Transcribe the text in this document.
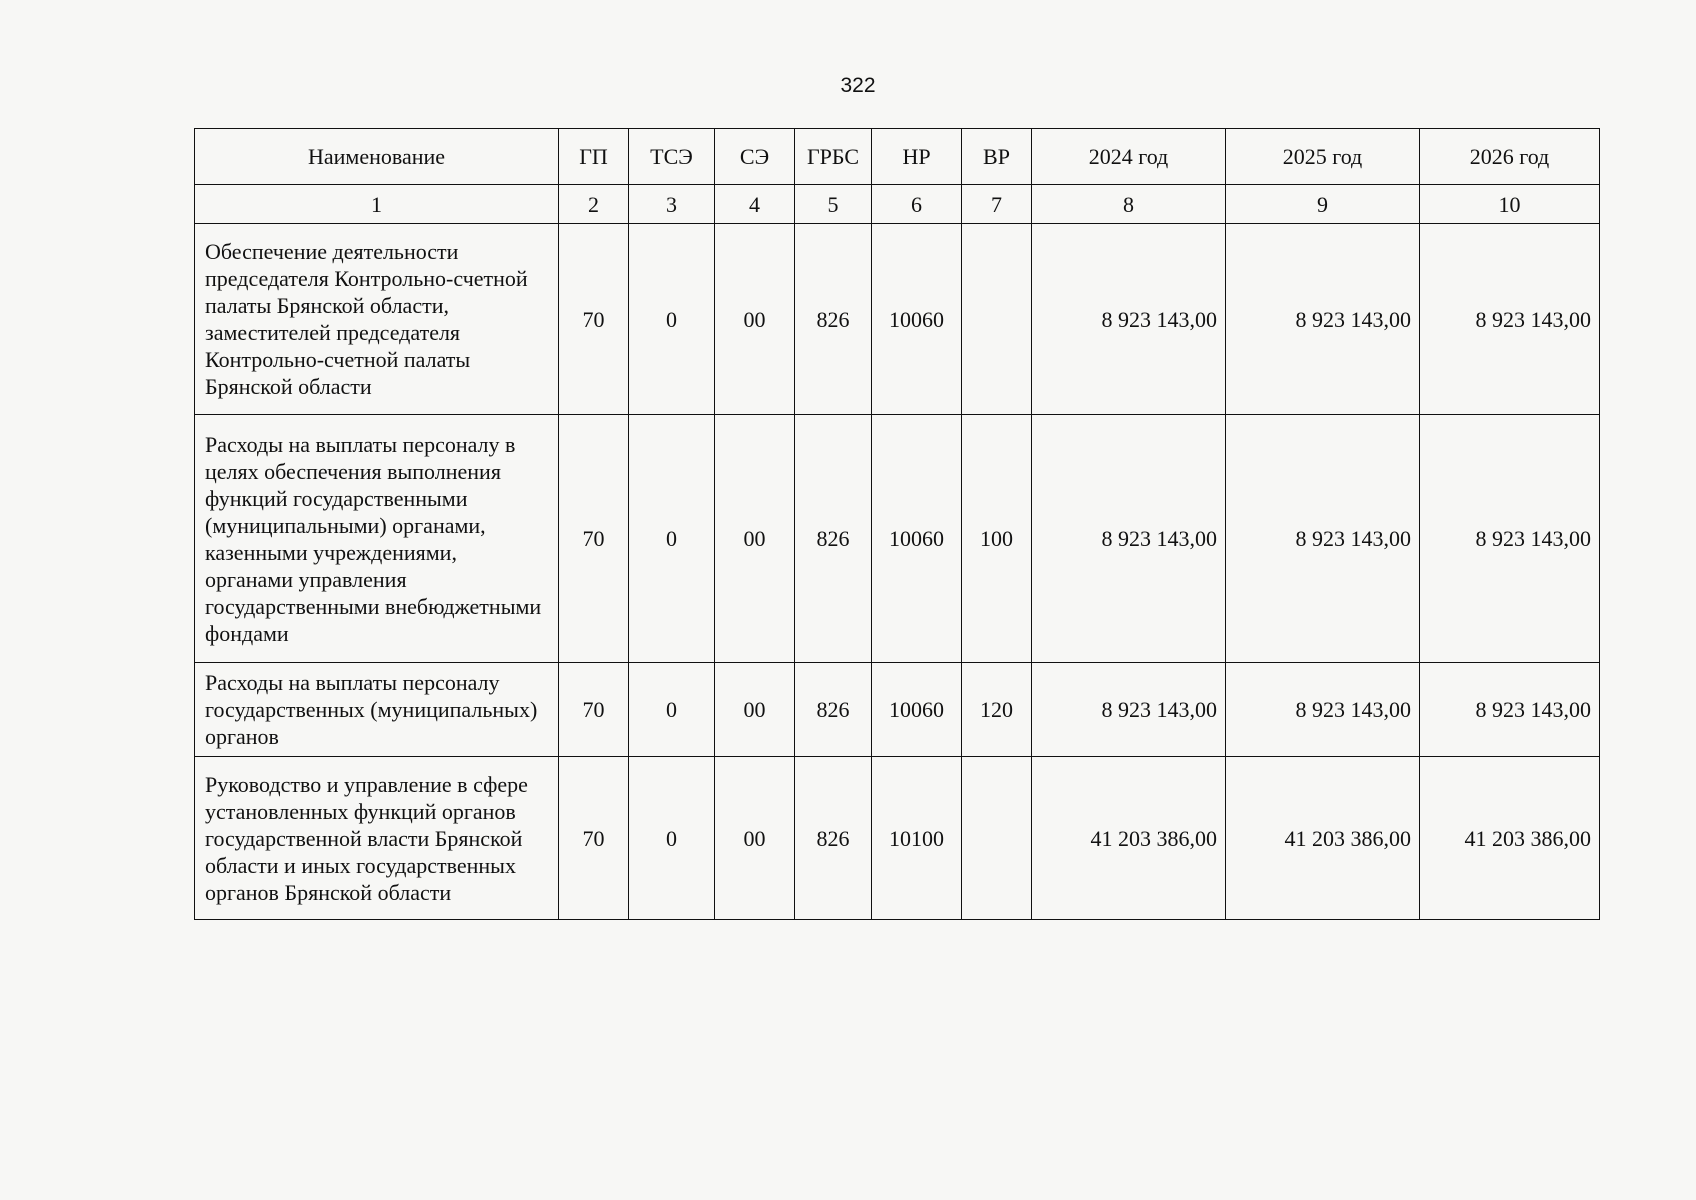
322
Наименование	ГП	ТСЭ	СЭ	ГРБС	НР	ВР	2024 год	2025 год	2026 год
1	2	3	4	5	6	7	8	9	10
Обеспечение деятельности председателя Контрольно-счетной палаты Брянской области, заместителей председателя Контрольно-счетной палаты Брянской области	70	0	00	826	10060		8 923 143,00	8 923 143,00	8 923 143,00
Расходы на выплаты персоналу в целях обеспечения выполнения функций государственными (муниципальными) органами, казенными учреждениями, органами управления государственными внебюджетными фондами	70	0	00	826	10060	100	8 923 143,00	8 923 143,00	8 923 143,00
Расходы на выплаты персоналу государственных (муниципальных) органов	70	0	00	826	10060	120	8 923 143,00	8 923 143,00	8 923 143,00
Руководство и управление в сфере установленных функций органов государственной власти Брянской области и иных государственных органов Брянской области	70	0	00	826	10100		41 203 386,00	41 203 386,00	41 203 386,00
